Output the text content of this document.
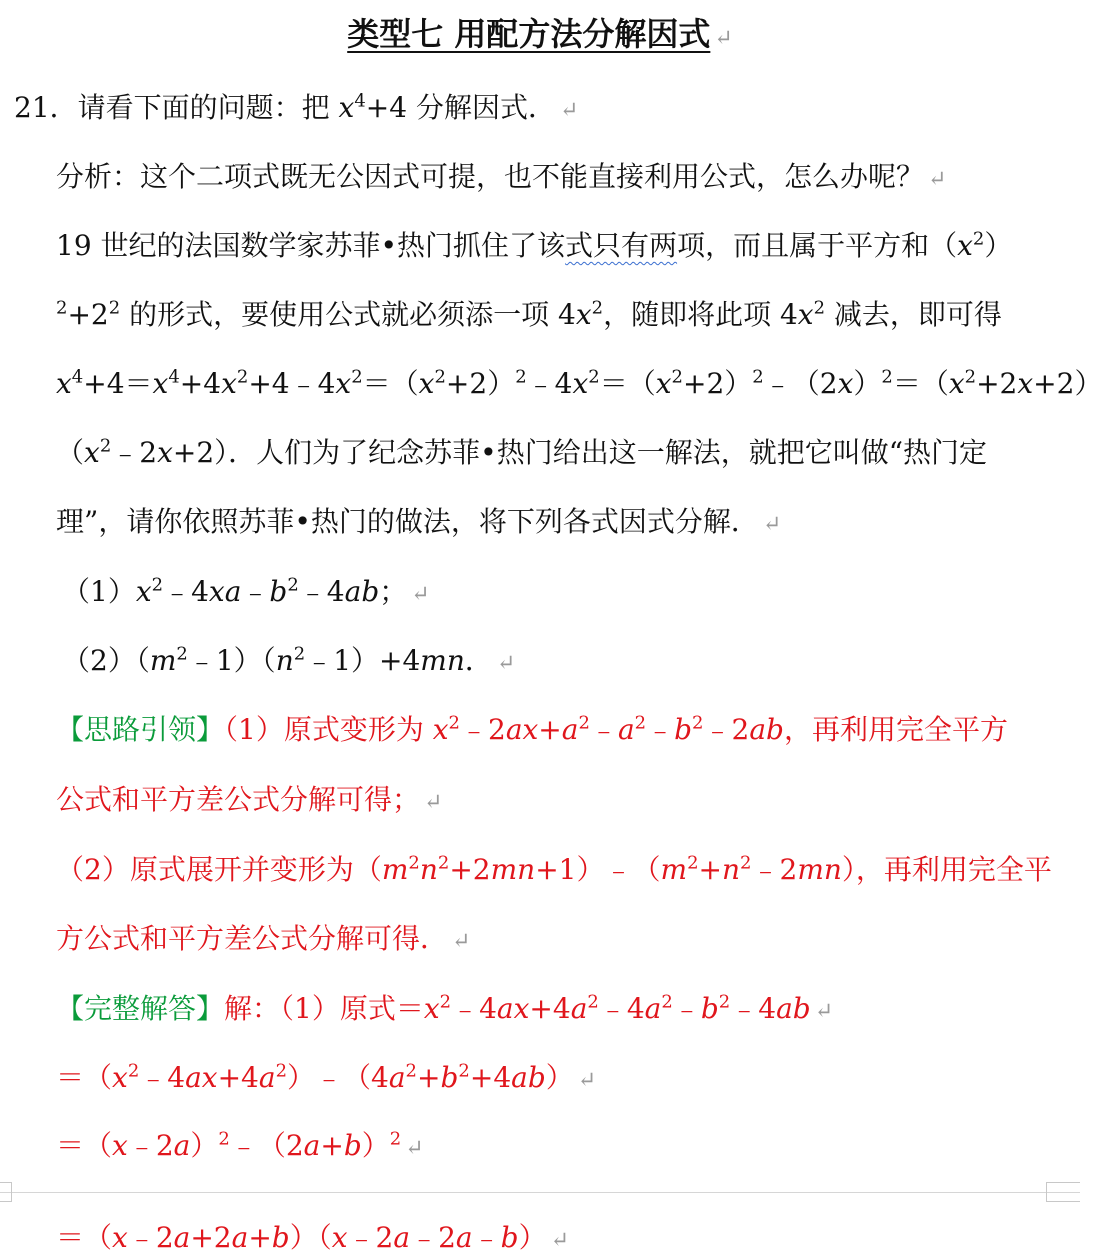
类型七 用配方法分解因式 ↵
21．请看下面的问题：把 $x^4+4$ 分解因式． ↵
分析：这个二项式既无公因式可提，也不能直接利用公式，怎么办呢？ ↵
19 世纪的法国数学家苏菲•热门抓住了该式只有两项，而且属于平方和$(x^2)$
$^2+2^2$ 的形式，要使用公式就必须添一项 $4x^2$，随即将此项 $4x^2$ 减去，即可得
$x^4+4=x^4+4x^2+4﹣4x^2=(x^2+2)^2﹣4x^2=(x^2+2)^2﹣(2x)^2=(x^2+2x+2)$
$(x^2﹣2x+2)$．人们为了纪念苏菲•热门给出这一解法，就把它叫做“热门定
理”，请你依照苏菲•热门的做法，将下列各式因式分解． ↵
$(1)x^2﹣4xa﹣b^2﹣4ab$； ↵
$(2)(m^2﹣1)(n^2﹣1)+4mn$． ↵
【思路引领】（1）原式变形为 $x^2﹣2ax+a^2﹣a^2﹣b^2﹣2ab$，再利用完全平方
公式和平方差公式分解可得； ↵
（2）原式展开并变形为$(m^2n^2+2mn+1)﹣(m^2+n^2﹣2mn)$，再利用完全平
方公式和平方差公式分解可得． ↵
【完整解答】解：（1）原式$=x^2﹣4ax+4a^2﹣4a^2﹣b^2﹣4ab$ ↵
$=(x^2﹣4ax+4a^2)﹣(4a^2+b^2+4ab)$ ↵
$=(x﹣2a)^2﹣(2a+b)^2$ ↵
＝（x﹣2a+2a+b）（x﹣2a﹣2a﹣b） ↵
